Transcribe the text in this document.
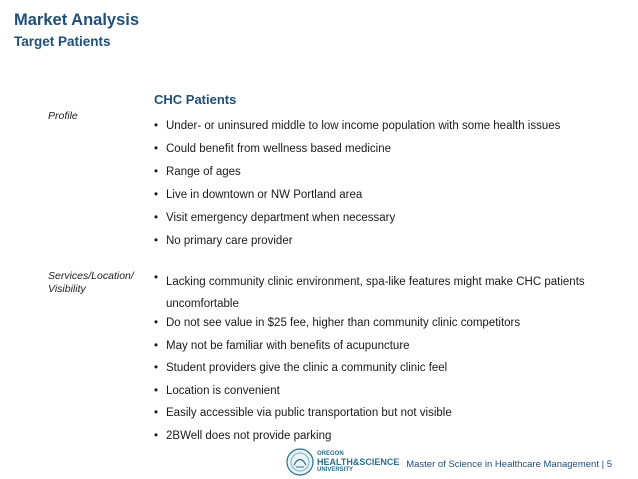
Market Analysis
Target Patients
CHC Patients
Profile
• Under- or uninsured middle to low income population with some health issues
• Could benefit from wellness based medicine
• Range of ages
• Live in downtown or NW Portland area
• Visit emergency department when necessary
• No primary care provider
Services/Location/ Visibility
• Lacking community clinic environment, spa-like features might make CHC patients uncomfortable
• Do not see value in $25 fee, higher than community clinic competitors
• May not be familiar with benefits of acupuncture
• Student providers give the clinic a community clinic feel
• Location is convenient
• Easily accessible via public transportation but not visible
• 2BWell does not provide parking
OREGON
HEALTH&SCIENCE
UNIVERSITY	Master of Science in Healthcare Management | 5
